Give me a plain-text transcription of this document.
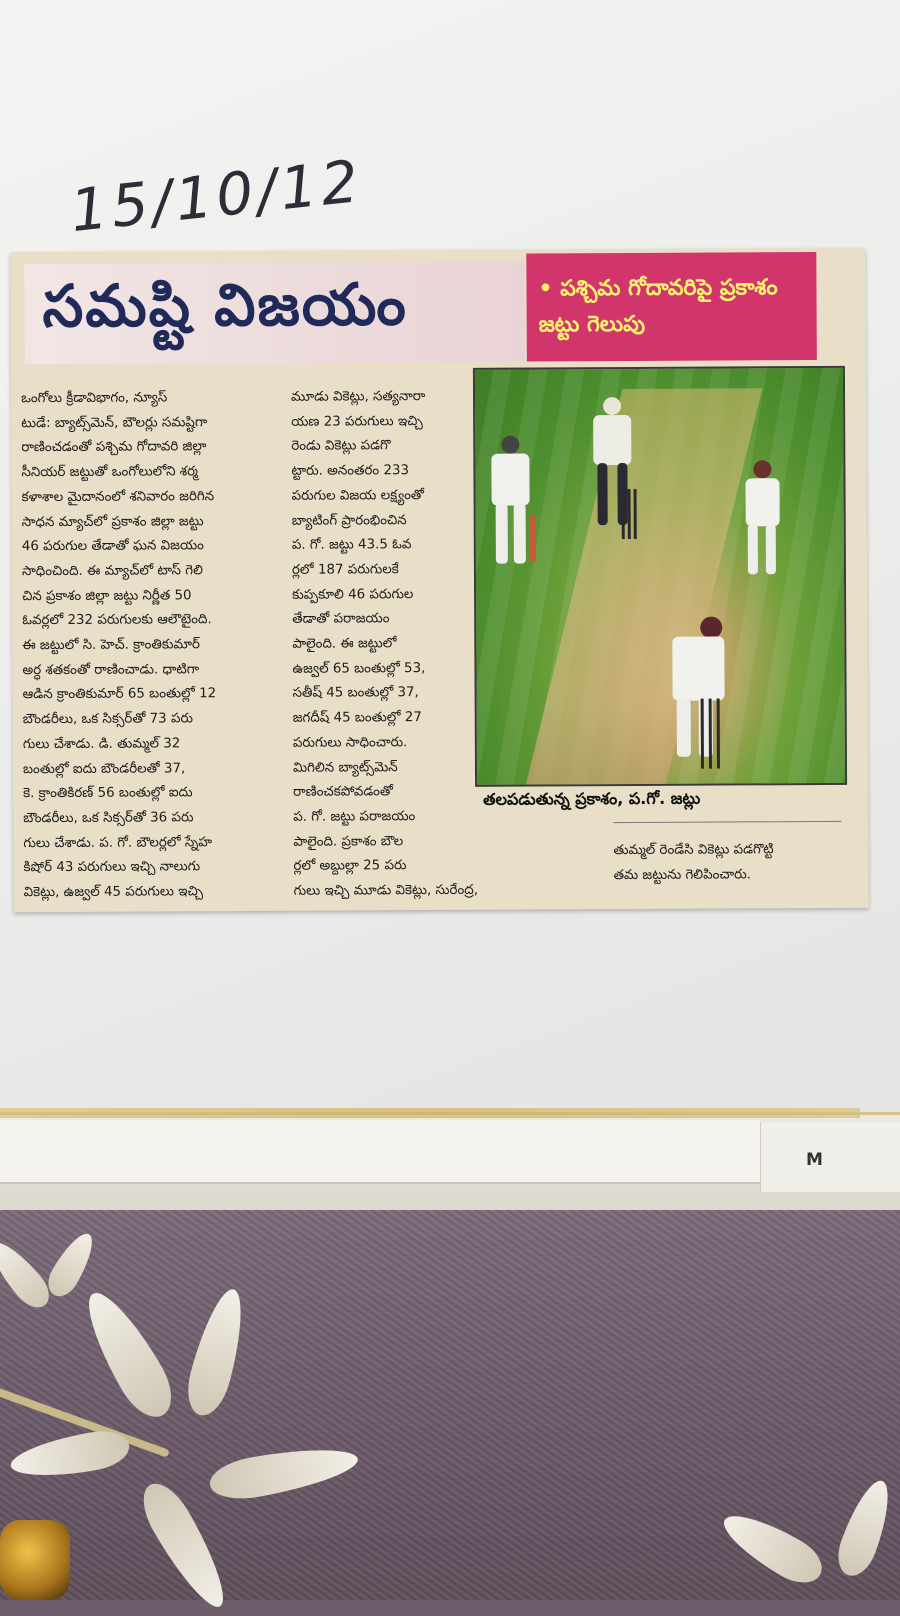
M
15/10/12
సమష్టి విజయం	• పశ్చిమ గోదావరిపై ప్రకాశం జట్టు గెలుపు
ఒంగోలు క్రీడావిభాగం, న్యూస్
టుడే: బ్యాట్స్‌మెన్, బౌలర్లు సమష్టిగా
రాణించడంతో పశ్చిమ గోదావరి జిల్లా
సీనియర్ జట్టుతో ఒంగోలులోని శర్మ
కళాశాల మైదానంలో శనివారం జరిగిన
సాధన మ్యాచ్‌లో ప్రకాశం జిల్లా జట్టు
46 పరుగుల తేడాతో ఘన విజయం
సాధించింది. ఈ మ్యాచ్‌లో టాస్ గెలి
చిన ప్రకాశం జిల్లా జట్టు నిర్ణీత 50
ఓవర్లలో 232 పరుగులకు ఆలౌటైంది.
ఈ జట్టులో సి. హెచ్. క్రాంతికుమార్
అర్ధ శతకంతో రాణించాడు. ధాటిగా
ఆడిన క్రాంతికుమార్ 65 బంతుల్లో 12
బౌండరీలు, ఒక సిక్సర్‌తో 73 పరు
గులు చేశాడు. డి. తుమ్మల్ 32
బంతుల్లో ఐదు బౌండరీలతో 37,
కె. క్రాంతికిరణ్ 56 బంతుల్లో ఐదు
బౌండరీలు, ఒక సిక్సర్‌తో 36 పరు
గులు చేశాడు. ప. గో. బౌలర్లలో స్నేహ
కిషోర్ 43 పరుగులు ఇచ్చి నాలుగు
వికెట్లు, ఉజ్వల్ 45 పరుగులు ఇచ్చి
మూడు వికెట్లు, సత్యనారా
యణ 23 పరుగులు ఇచ్చి
రెండు వికెట్లు పడగొ
ట్టారు. అనంతరం 233
పరుగుల విజయ లక్ష్యంతో
బ్యాటింగ్ ప్రారంభించిన
ప. గో. జట్టు 43.5 ఓవ
ర్లలో 187 పరుగులకే
కుప్పకూలి 46 పరుగుల
తేడాతో పరాజయం
పాలైంది. ఈ జట్టులో
ఉజ్వల్ 65 బంతుల్లో 53,
సతీష్ 45 బంతుల్లో 37,
జగదీష్ 45 బంతుల్లో 27
పరుగులు సాధించారు.
మిగిలిన బ్యాట్స్‌మెన్
రాణించకపోవడంతో
ప. గో. జట్టు పరాజయం
పాలైంది. ప్రకాశం బౌల
ర్లలో అబ్దుల్లా 25 పరు
గులు ఇచ్చి మూడు వికెట్లు, సురేంద్ర,
తలపడుతున్న ప్రకాశం, ప.గో. జట్లు
తుమ్మల్ రెండేసి వికెట్లు పడగొట్టి
తమ జట్టును గెలిపించారు.
